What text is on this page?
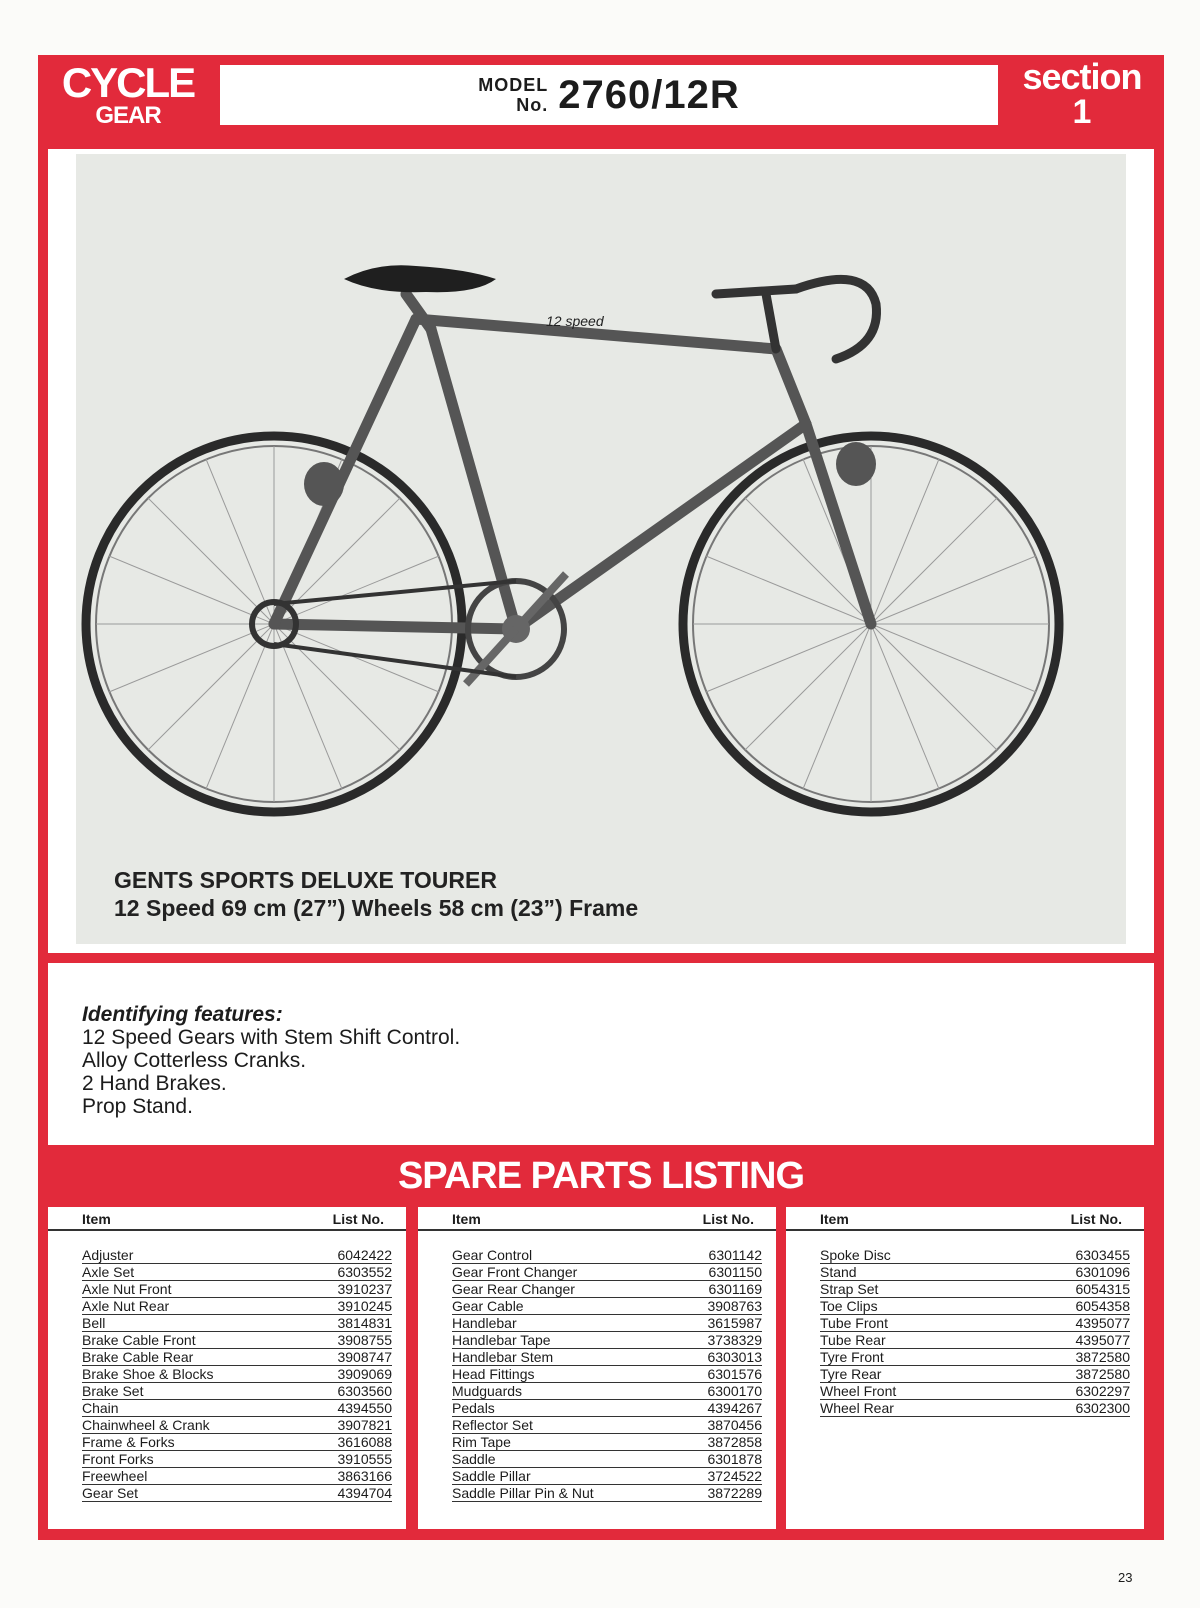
CYCLE
GEAR
MODEL
No. 2760/12R	section
1
12 speed
GENTS SPORTS DELUXE TOURER
12 Speed 69 cm (27”) Wheels 58 cm (23”) Frame
Identifying features:
12 Speed Gears with Stem Shift Control.
Alloy Cotterless Cranks.
2 Hand Brakes.
Prop Stand.
SPARE PARTS LISTING
Item	List No.
Adjuster	6042422
Axle Set	6303552
Axle Nut Front	3910237
Axle Nut Rear	3910245
Bell	3814831
Brake Cable Front	3908755
Brake Cable Rear	3908747
Brake Shoe & Blocks	3909069
Brake Set	6303560
Chain	4394550
Chainwheel & Crank	3907821
Frame & Forks	3616088
Front Forks	3910555
Freewheel	3863166
Gear Set	4394704
Item	List No.
Gear Control	6301142
Gear Front Changer	6301150
Gear Rear Changer	6301169
Gear Cable	3908763
Handlebar	3615987
Handlebar Tape	3738329
Handlebar Stem	6303013
Head Fittings	6301576
Mudguards	6300170
Pedals	4394267
Reflector Set	3870456
Rim Tape	3872858
Saddle	6301878
Saddle Pillar	3724522
Saddle Pillar Pin & Nut	3872289
Item	List No.
Spoke Disc	6303455
Stand	6301096
Strap Set	6054315
Toe Clips	6054358
Tube Front	4395077
Tube Rear	4395077
Tyre Front	3872580
Tyre Rear	3872580
Wheel Front	6302297
Wheel Rear	6302300
23
